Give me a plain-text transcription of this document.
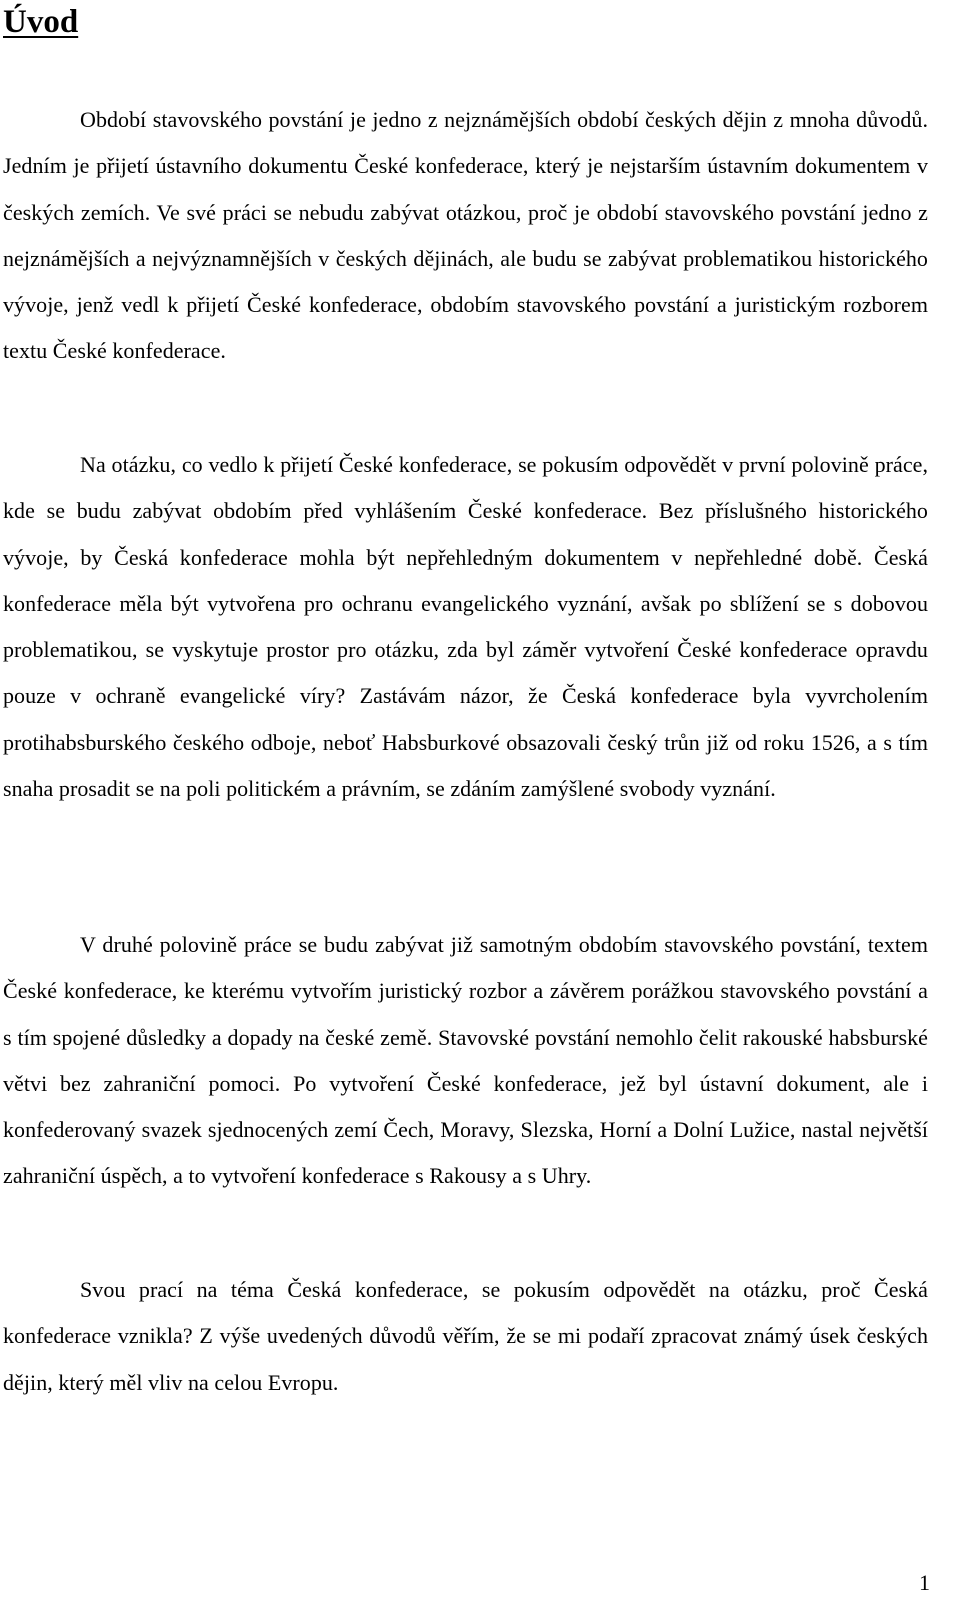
Úvod

Období stavovského povstání je jedno z nejznámějších období českých dějin z mnoha důvodů. Jedním je přijetí ústavního dokumentu České konfederace, který je nejstarším ústavním dokumentem v českých zemích. Ve své práci se nebudu zabývat otázkou, proč je období stavovského povstání jedno z nejznámějších a nejvýznamnějších v českých dějinách, ale budu se zabývat problematikou historického vývoje, jenž vedl k přijetí České konfederace, obdobím stavovského povstání a juristickým rozborem textu České konfederace.

Na otázku, co vedlo k přijetí České konfederace, se pokusím odpovědět v první polovině práce, kde se budu zabývat obdobím před vyhlášením České konfederace. Bez příslušného historického vývoje, by Česká konfederace mohla být nepřehledným dokumentem v nepřehledné době. Česká konfederace měla být vytvořena pro ochranu evangelického vyznání, avšak po sblížení se s dobovou problematikou, se vyskytuje prostor pro otázku, zda byl záměr vytvoření České konfederace opravdu pouze v ochraně evangelické víry? Zastávám názor, že Česká konfederace byla vyvrcholením protihabsburského českého odboje, neboť Habsburkové obsazovali český trůn již od roku 1526, a s tím snaha prosadit se na poli politickém a právním, se zdáním zamýšlené svobody vyznání.

V druhé polovině práce se budu zabývat již samotným obdobím stavovského povstání, textem České konfederace, ke kterému vytvořím juristický rozbor a závěrem porážkou stavovského povstání a s tím spojené důsledky a dopady na české země. Stavovské povstání nemohlo čelit rakouské habsburské větvi bez zahraniční pomoci. Po vytvoření České konfederace, jež byl ústavní dokument, ale i konfederovaný svazek sjednocených zemí Čech, Moravy, Slezska, Horní a Dolní Lužice, nastal největší zahraniční úspěch, a to vytvoření konfederace s Rakousy a s Uhry.

Svou prací na téma Česká konfederace, se pokusím odpovědět na otázku, proč Česká konfederace vznikla? Z výše uvedených důvodů věřím, že se mi podaří zpracovat známý úsek českých dějin, který měl vliv na celou Evropu.

1
